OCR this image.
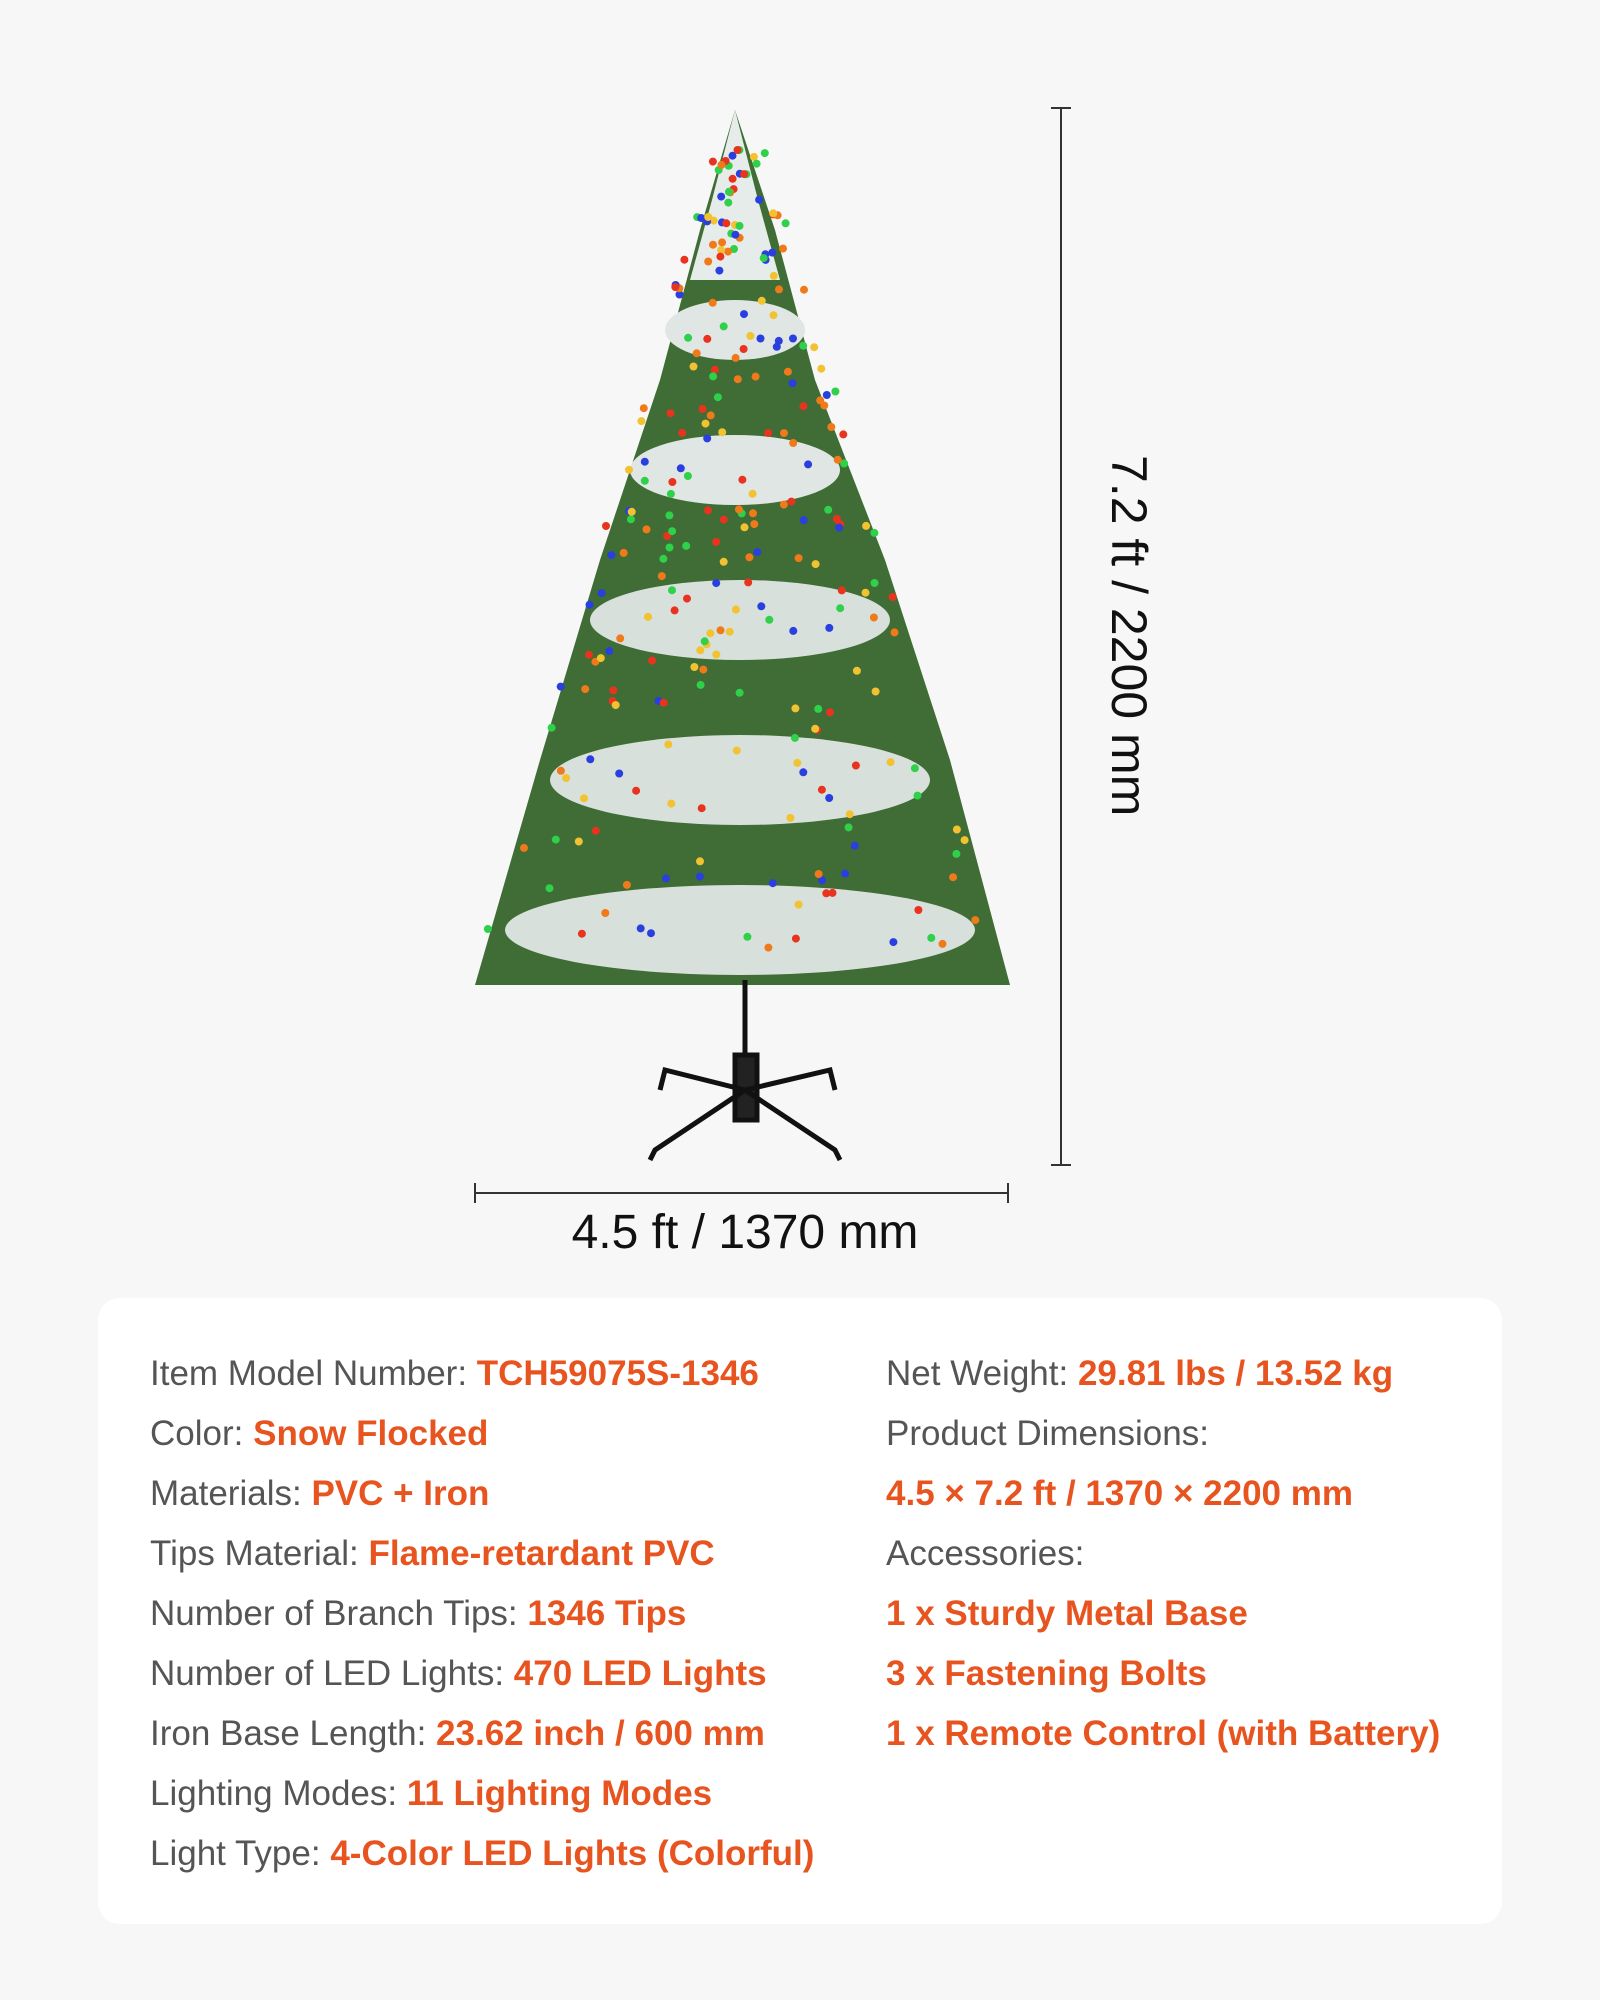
4.5 ft / 1370 mm
7.2 ft / 2200 mm
Item Model Number: TCH59075S-1346
Color: Snow Flocked
Materials: PVC + Iron
Tips Material: Flame-retardant PVC
Number of Branch Tips: 1346 Tips
Number of LED Lights: 470 LED Lights
Iron Base Length: 23.62 inch / 600 mm
Lighting Modes: 11 Lighting Modes
Light Type: 4-Color LED Lights (Colorful)
Net Weight: 29.81 lbs / 13.52 kg
Product Dimensions:
4.5 × 7.2 ft / 1370 × 2200 mm
Accessories:
1 x Sturdy Metal Base
3 x Fastening Bolts
1 x Remote Control (with Battery)
